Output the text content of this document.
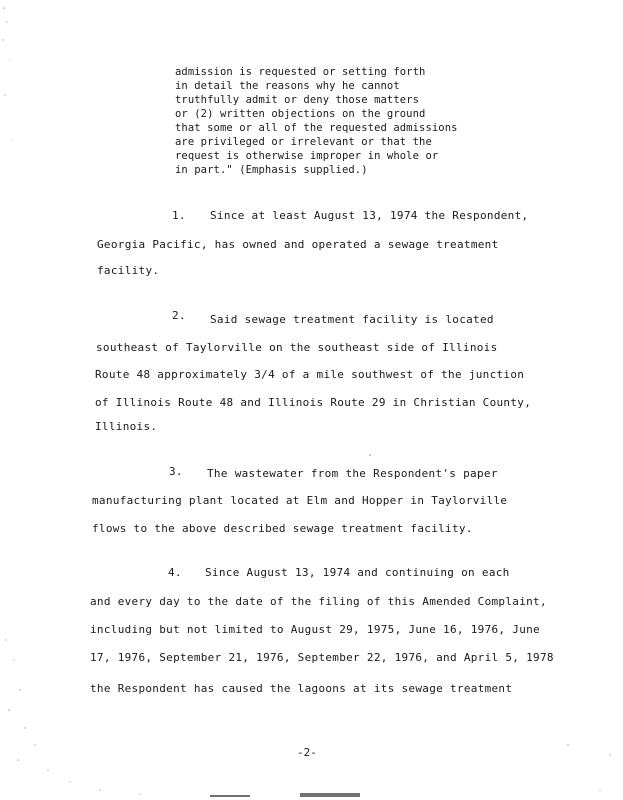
admission is requested or setting forth
in detail the reasons why he cannot
truthfully admit or deny those matters
or (2) written objections on the ground
that some or all of the requested admissions
are privileged or irrelevant or that the
request is otherwise improper in whole or
in part." (Emphasis supplied.)
1. Since at least August 13, 1974 the Respondent,
Georgia Pacific, has owned and operated a sewage treatment
facility.
2. Said sewage treatment facility is located
southeast of Taylorville on the southeast side of Illinois
Route 48 approximately 3/4 of a mile southwest of the junction
of Illinois Route 48 and Illinois Route 29 in Christian County,
Illinois.
3. The wastewater from the Respondent's paper
manufacturing plant located at Elm and Hopper in Taylorville
flows to the above described sewage treatment facility.
4. Since August 13, 1974 and continuing on each
and every day to the date of the filing of this Amended Complaint,
including but not limited to August 29, 1975, June 16, 1976, June
17, 1976, September 21, 1976, September 22, 1976, and April 5, 1978
the Respondent has caused the lagoons at its sewage treatment
-2-
